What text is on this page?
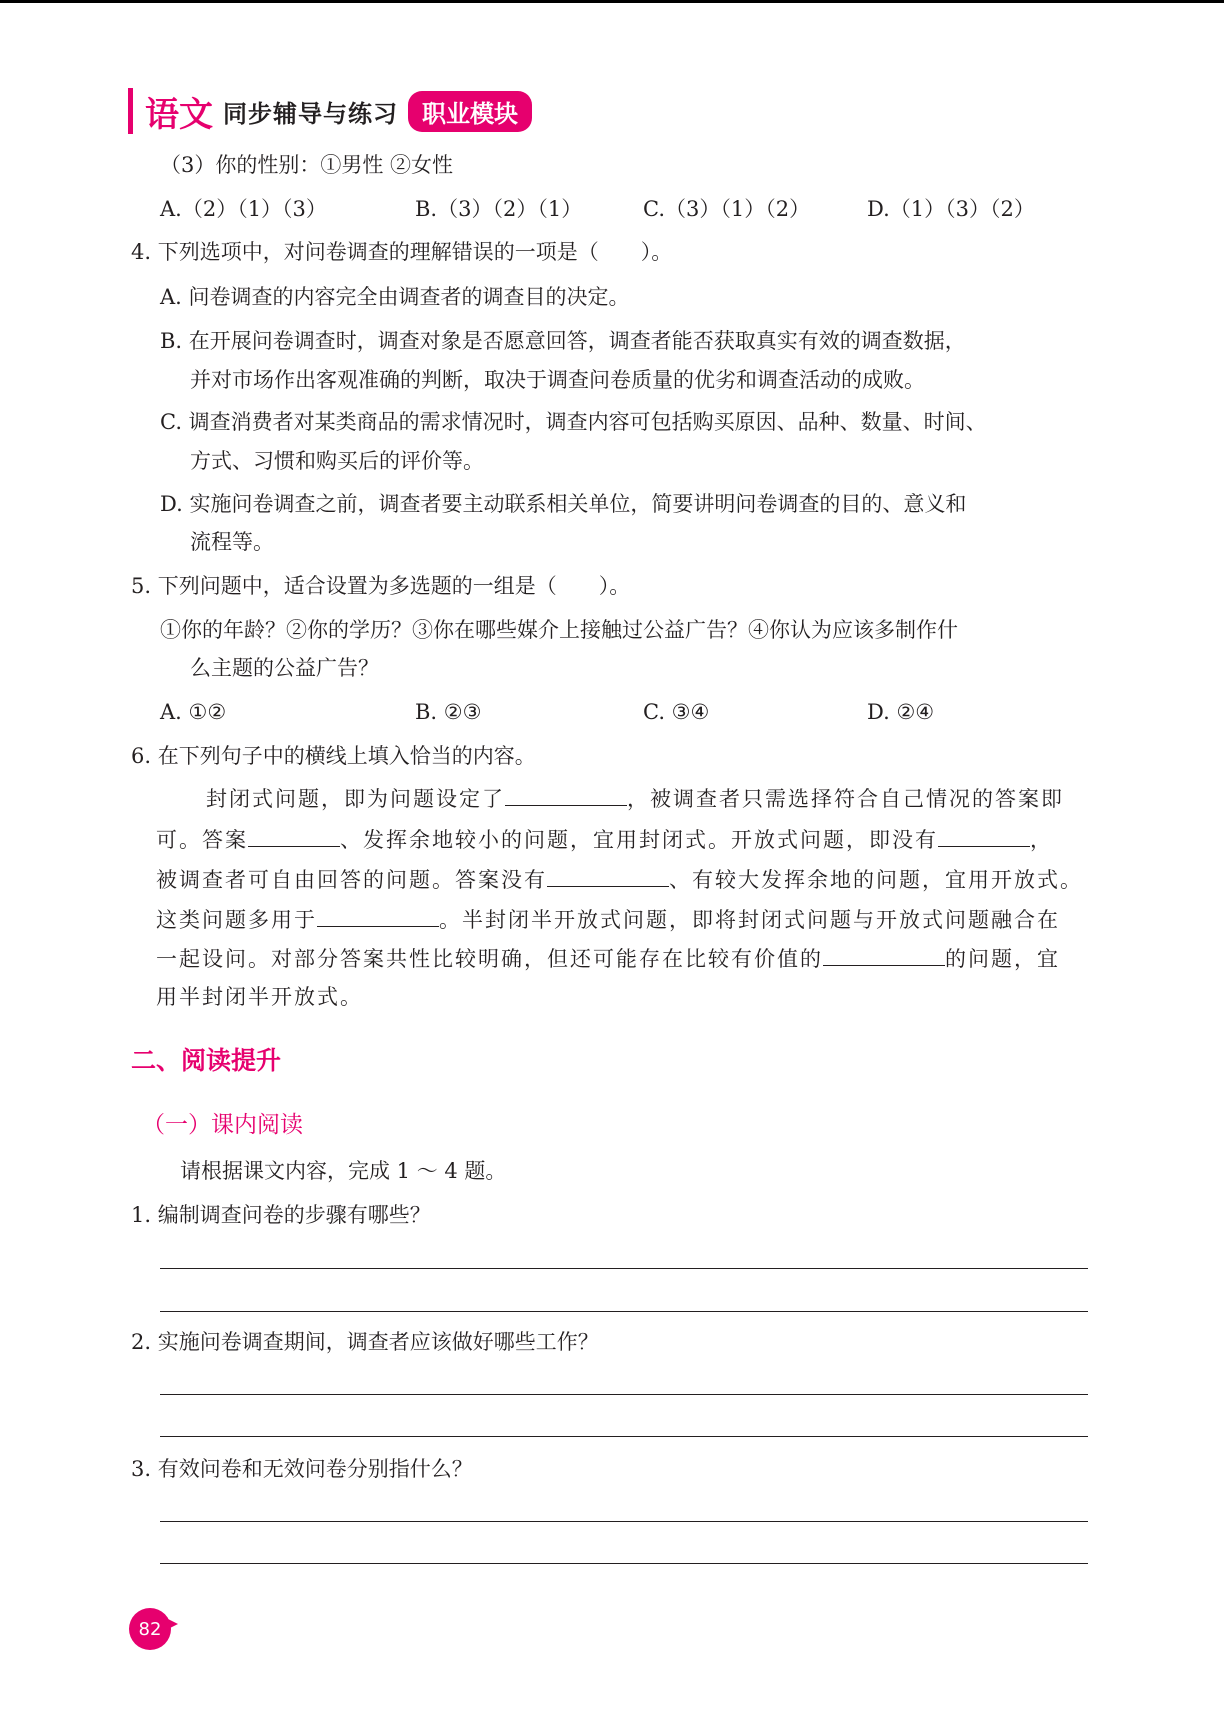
语文 同步辅导与练习	职业模块
（3）你的性别：①男性 ②女性
A.（2）（1）（3）	B.（3）（2）（1）	C.（3）（1）（2）	D.（1）（3）（2）
4. 下列选项中，对问卷调查的理解错误的一项是（　　）。
A. 问卷调查的内容完全由调查者的调查目的决定。
B. 在开展问卷调查时，调查对象是否愿意回答，调查者能否获取真实有效的调查数据，
并对市场作出客观准确的判断，取决于调查问卷质量的优劣和调查活动的成败。
C. 调查消费者对某类商品的需求情况时，调查内容可包括购买原因、品种、数量、时间、
方式、习惯和购买后的评价等。
D. 实施问卷调查之前，调查者要主动联系相关单位，简要讲明问卷调查的目的、意义和
流程等。
5. 下列问题中，适合设置为多选题的一组是（　　）。
①你的年龄？②你的学历？③你在哪些媒介上接触过公益广告？④你认为应该多制作什
么主题的公益广告？
A. ①②	B. ②③	C. ③④	D. ②④
6. 在下列句子中的横线上填入恰当的内容。
封闭式问题，即为问题设定了	，被调查者只需选择符合自己情况的答案即
可。答案	、发挥余地较小的问题，宜用封闭式。开放式问题，即没有	，
被调查者可自由回答的问题。答案没有	、有较大发挥余地的问题，宜用开放式。
这类问题多用于	。半封闭半开放式问题，即将封闭式问题与开放式问题融合在
一起设问。对部分答案共性比较明确，但还可能存在比较有价值的	的问题，宜
用半封闭半开放式。
二、阅读提升
（一）课内阅读
请根据课文内容，完成 1 ～ 4 题。
1. 编制调查问卷的步骤有哪些？
2. 实施问卷调查期间，调查者应该做好哪些工作？
3. 有效问卷和无效问卷分别指什么？
82
